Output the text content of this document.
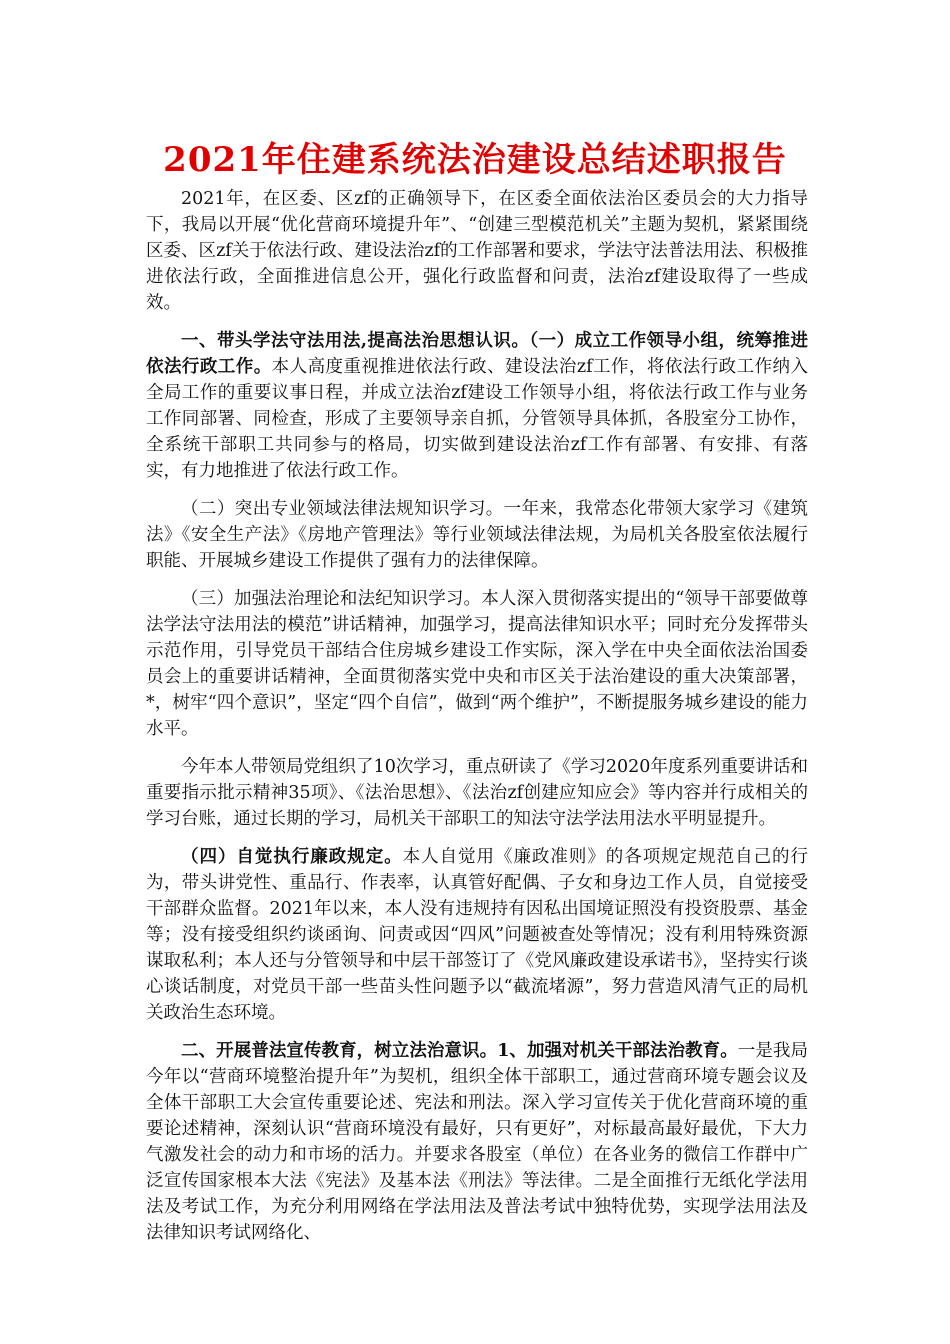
2021年住建系统法治建设总结述职报告

2021年，在区委、区zf的正确领导下，在区委全面依法治区委员会的大力指导下，我局以开展“优化营商环境提升年”、“创建三型模范机关”主题为契机，紧紧围绕区委、区zf关于依法行政、建设法治zf的工作部署和要求，学法守法普法用法、积极推进依法行政，全面推进信息公开，强化行政监督和问责，法治zf建设取得了一些成效。

一、带头学法守法用法,提高法治思想认识。（一）成立工作领导小组，统筹推进依法行政工作。本人高度重视推进依法行政、建设法治zf工作，将依法行政工作纳入全局工作的重要议事日程，并成立法治zf建设工作领导小组，将依法行政工作与业务工作同部署、同检查，形成了主要领导亲自抓，分管领导具体抓，各股室分工协作，全系统干部职工共同参与的格局，切实做到建设法治zf工作有部署、有安排、有落实，有力地推进了依法行政工作。

（二）突出专业领域法律法规知识学习。一年来，我常态化带领大家学习《建筑法》《安全生产法》《房地产管理法》等行业领域法律法规，为局机关各股室依法履行职能、开展城乡建设工作提供了强有力的法律保障。

（三）加强法治理论和法纪知识学习。本人深入贯彻落实提出的“领导干部要做尊法学法守法用法的模范”讲话精神，加强学习，提高法律知识水平；同时充分发挥带头示范作用，引导党员干部结合住房城乡建设工作实际，深入学在中央全面依法治国委员会上的重要讲话精神，全面贯彻落实党中央和市区关于法治建设的重大决策部署，*，树牢“四个意识”，坚定“四个自信”，做到“两个维护”，不断提服务城乡建设的能力水平。

今年本人带领局党组织了10次学习，重点研读了《学习2020年度系列重要讲话和重要指示批示精神35项》、《法治思想》、《法治zf创建应知应会》等内容并行成相关的学习台账，通过长期的学习，局机关干部职工的知法守法学法用法水平明显提升。

（四）自觉执行廉政规定。本人自觉用《廉政准则》的各项规定规范自己的行为，带头讲党性、重品行、作表率，认真管好配偶、子女和身边工作人员，自觉接受干部群众监督。2021年以来，本人没有违规持有因私出国境证照没有投资股票、基金等；没有接受组织约谈函询、问责或因“四风”问题被查处等情况；没有利用特殊资源谋取私利；本人还与分管领导和中层干部签订了《党风廉政建设承诺书》，坚持实行谈心谈话制度，对党员干部一些苗头性问题予以“截流堵源”，努力营造风清气正的局机关政治生态环境。

二、开展普法宣传教育，树立法治意识。1、加强对机关干部法治教育。一是我局今年以“营商环境整治提升年”为契机，组织全体干部职工，通过营商环境专题会议及全体干部职工大会宣传重要论述、宪法和刑法。深入学习宣传关于优化营商环境的重要论述精神，深刻认识“营商环境没有最好，只有更好”，对标最高最好最优，下大力气激发社会的动力和市场的活力。并要求各股室（单位）在各业务的微信工作群中广泛宣传国家根本大法《宪法》及基本法《刑法》等法律。二是全面推行无纸化学法用法及考试工作，为充分利用网络在学法用法及普法考试中独特优势，实现学法用法及法律知识考试网络化、
